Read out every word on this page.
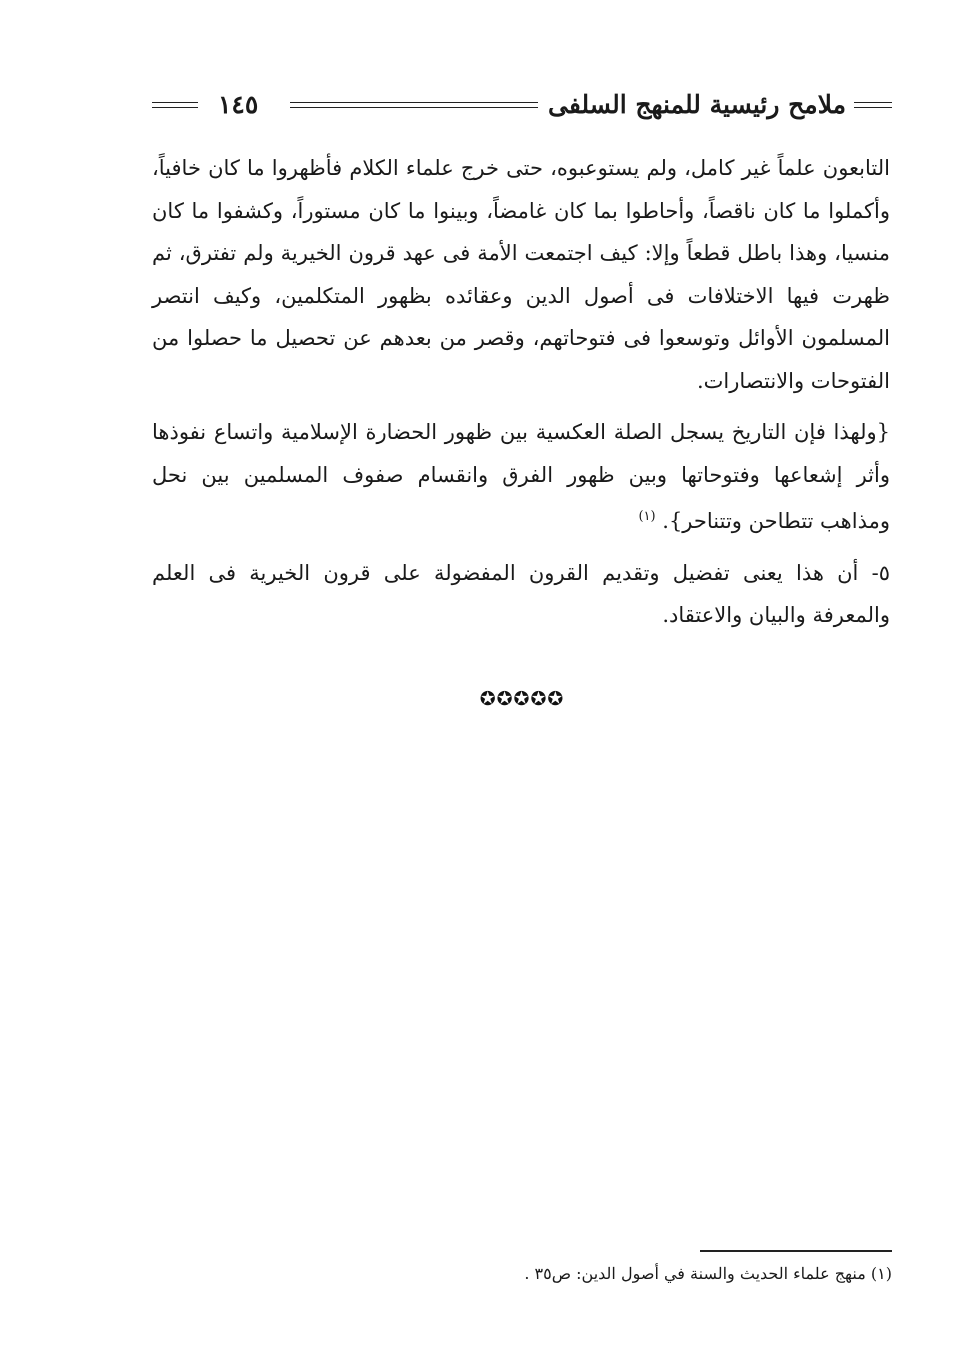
ملامح رئيسية للمنهج السلفى
١٤٥

التابعون علماً غير كامل، ولم يستوعبوه، حتى خرج علماء الكلام فأظهروا ما كان خافياً، وأكملوا ما كان ناقصاً، وأحاطوا بما كان غامضاً، وبينوا ما كان مستوراً، وكشفوا ما كان منسيا، وهذا باطل قطعاً وإلا: كيف اجتمعت الأمة فى عهد قرون الخيرية ولم تفترق، ثم ظهرت فيها الاختلافات فى أصول الدين وعقائده بظهور المتكلمين، وكيف انتصر المسلمون الأوائل وتوسعوا فى فتوحاتهم، وقصر من بعدهم عن تحصيل ما حصلوا من الفتوحات والانتصارات.

{ولهذا فإن التاريخ يسجل الصلة العكسية بين ظهور الحضارة الإسلامية واتساع نفوذها وأثر إشعاعها وفتوحاتها وبين ظهور الفرق وانقسام صفوف المسلمين بين نحل ومذاهب تتطاحن وتتناحر}. $^{(١)}$

٥- أن هذا يعنى تفضيل وتقديم القرون المفضولة على قرون الخيرية فى العلم والمعرفة والبيان والاعتقاد.

✪✪✪✪✪
(١) منهج علماء الحديث والسنة في أصول الدين: ص٣٥ .
